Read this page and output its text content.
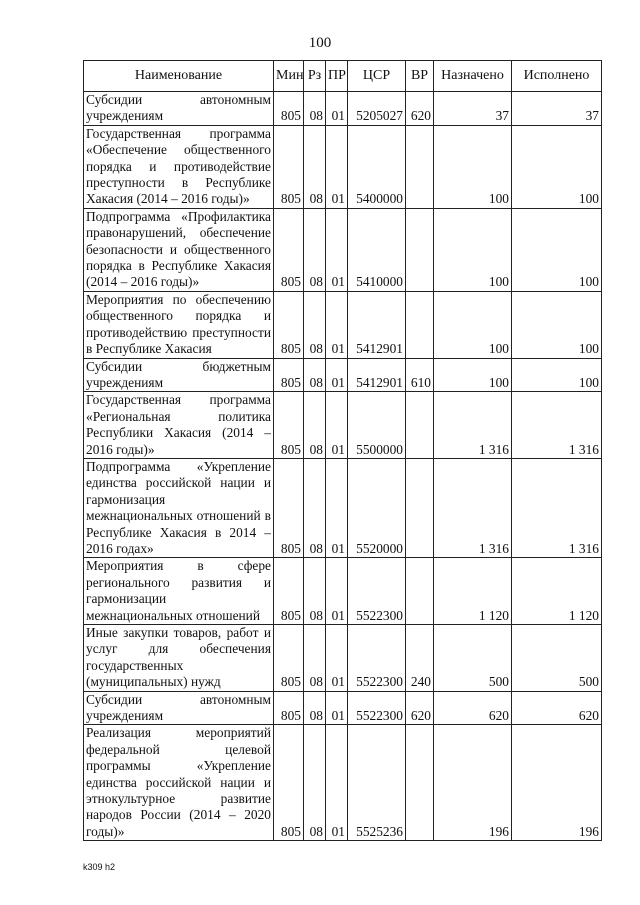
100
Наименование	Мин	Рз	ПР	ЦСР	ВР	Назначено	Исполнено
Субсидии автономным учреждениям	805	08	01	5205027	620	37	37
Государственная программа «Обеспечение общественного порядка и противодействие преступности в Республике Хакасия (2014 – 2016 годы)»	805	08	01	5400000		100	100
Подпрограмма «Профилактика правонарушений, обеспечение безопасности и общественного порядка в Республике Хакасия (2014 – 2016 годы)»	805	08	01	5410000		100	100
Мероприятия по обеспечению общественного порядка и противодействию преступности в Республике Хакасия	805	08	01	5412901		100	100
Субсидии бюджетным учреждениям	805	08	01	5412901	610	100	100
Государственная программа «Региональная политика Республики Хакасия (2014 – 2016 годы)»	805	08	01	5500000		1 316	1 316
Подпрограмма «Укрепление единства российской нации и гармонизация межнациональных отношений в Республике Хакасия в 2014 – 2016 годах»	805	08	01	5520000		1 316	1 316
Мероприятия в сфере регионального развития и гармонизации межнациональных отношений	805	08	01	5522300		1 120	1 120
Иные закупки товаров, работ и услуг для обеспечения государственных (муниципальных) нужд	805	08	01	5522300	240	500	500
Субсидии автономным учреждениям	805	08	01	5522300	620	620	620
Реализация мероприятий федеральной целевой программы «Укрепление единства российской нации и этнокультурное развитие народов России (2014 – 2020 годы)»	805	08	01	5525236		196	196
k309 h2
